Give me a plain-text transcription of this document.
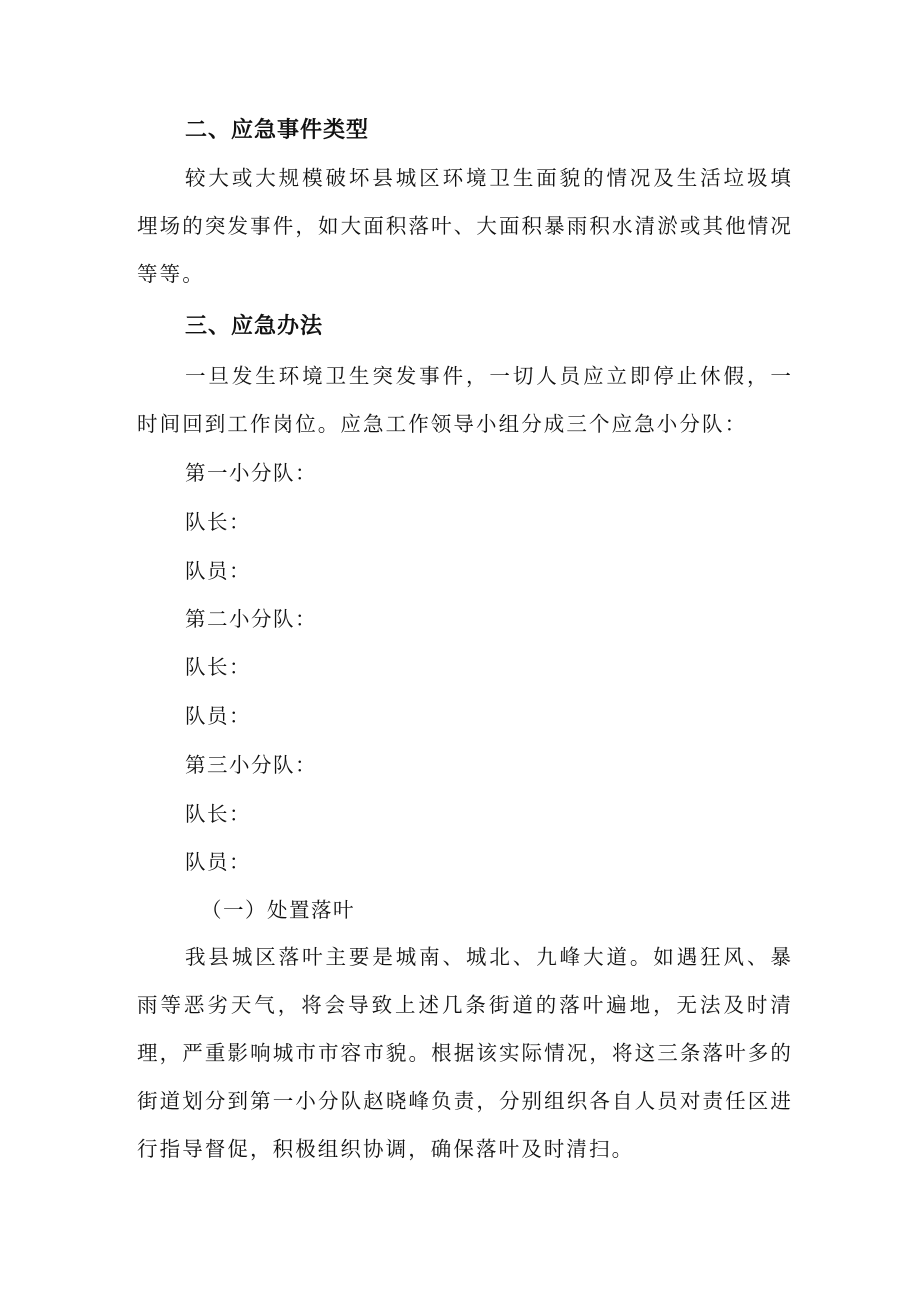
二、应急事件类型
较大或大规模破坏县城区环境卫生面貌的情况及生活垃圾填埋场的突发事件，如大面积落叶、大面积暴雨积水清淤或其他情况等等。
三、应急办法
一旦发生环境卫生突发事件，一切人员应立即停止休假，一时间回到工作岗位。应急工作领导小组分成三个应急小分队：
第一小分队：
队长：
队员：
第二小分队：
队长：
队员：
第三小分队：
队长：
队员：
（一）处置落叶
我县城区落叶主要是城南、城北、九峰大道。如遇狂风、暴雨等恶劣天气，将会导致上述几条街道的落叶遍地，无法及时清理，严重影响城市市容市貌。根据该实际情况，将这三条落叶多的街道划分到第一小分队赵晓峰负责，分别组织各自人员对责任区进行指导督促，积极组织协调，确保落叶及时清扫。
